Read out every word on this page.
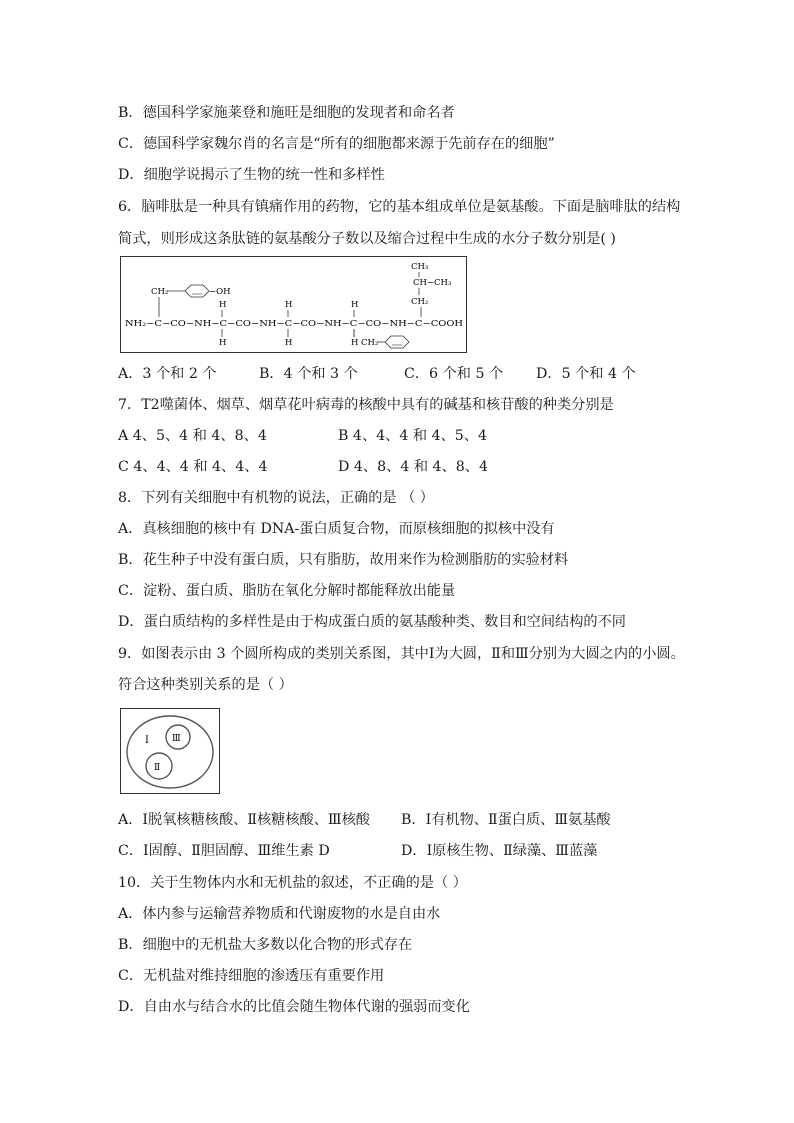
B．德国科学家施莱登和施旺是细胞的发现者和命名者
C．德国科学家魏尔肖的名言是“所有的细胞都来源于先前存在的细胞”
D．细胞学说揭示了生物的统一性和多样性
6．脑啡肽是一种具有镇痛作用的药物，它的基本组成单位是氨基酸。下面是脑啡肽的结构
简式，则形成这条肽链的氨基酸分子数以及缩合过程中生成的水分子数分别是( )
CH₂	−OH
H	H	H
CH₃
CH−CH₃
CH₂
NH₂−C−CO−NH−C−CO−NH−C−CO−NH−C−CO−NH−C−COOH
H	H	H CH₂
A．3 个和 2 个	B．4 个和 3 个	C．6 个和 5 个 D．5 个和 4 个
7．T2噬菌体、烟草、烟草花叶病毒的核酸中具有的碱基和核苷酸的种类分别是
A 4、5、4 和 4、8、4	B 4、4、4 和 4、5、4
C 4、4、4 和 4、4、4	D 4、8、4 和 4、8、4
8．下列有关细胞中有机物的说法，正确的是 （ ）
A．真核细胞的核中有 DNA-蛋白质复合物，而原核细胞的拟核中没有
B．花生种子中没有蛋白质，只有脂肪，故用来作为检测脂肪的实验材料
C．淀粉、蛋白质、脂肪在氧化分解时都能释放出能量
D．蛋白质结构的多样性是由于构成蛋白质的氨基酸种类、数目和空间结构的不同
9．如图表示由 3 个圆所构成的类别关系图，其中Ⅰ为大圆，Ⅱ和Ⅲ分别为大圆之内的小圆。
符合这种类别关系的是（ ）
Ⅰ	Ⅲ
Ⅱ
A．Ⅰ脱氧核糖核酸、Ⅱ核糖核酸、Ⅲ核酸 B．Ⅰ有机物、Ⅱ蛋白质、Ⅲ氨基酸
C．Ⅰ固醇、Ⅱ胆固醇、Ⅲ维生素 D	D．Ⅰ原核生物、Ⅱ绿藻、Ⅲ蓝藻
10．关于生物体内水和无机盐的叙述，不正确的是（ ）
A．体内参与运输营养物质和代谢废物的水是自由水
B．细胞中的无机盐大多数以化合物的形式存在
C．无机盐对维持细胞的渗透压有重要作用
D．自由水与结合水的比值会随生物体代谢的强弱而变化
